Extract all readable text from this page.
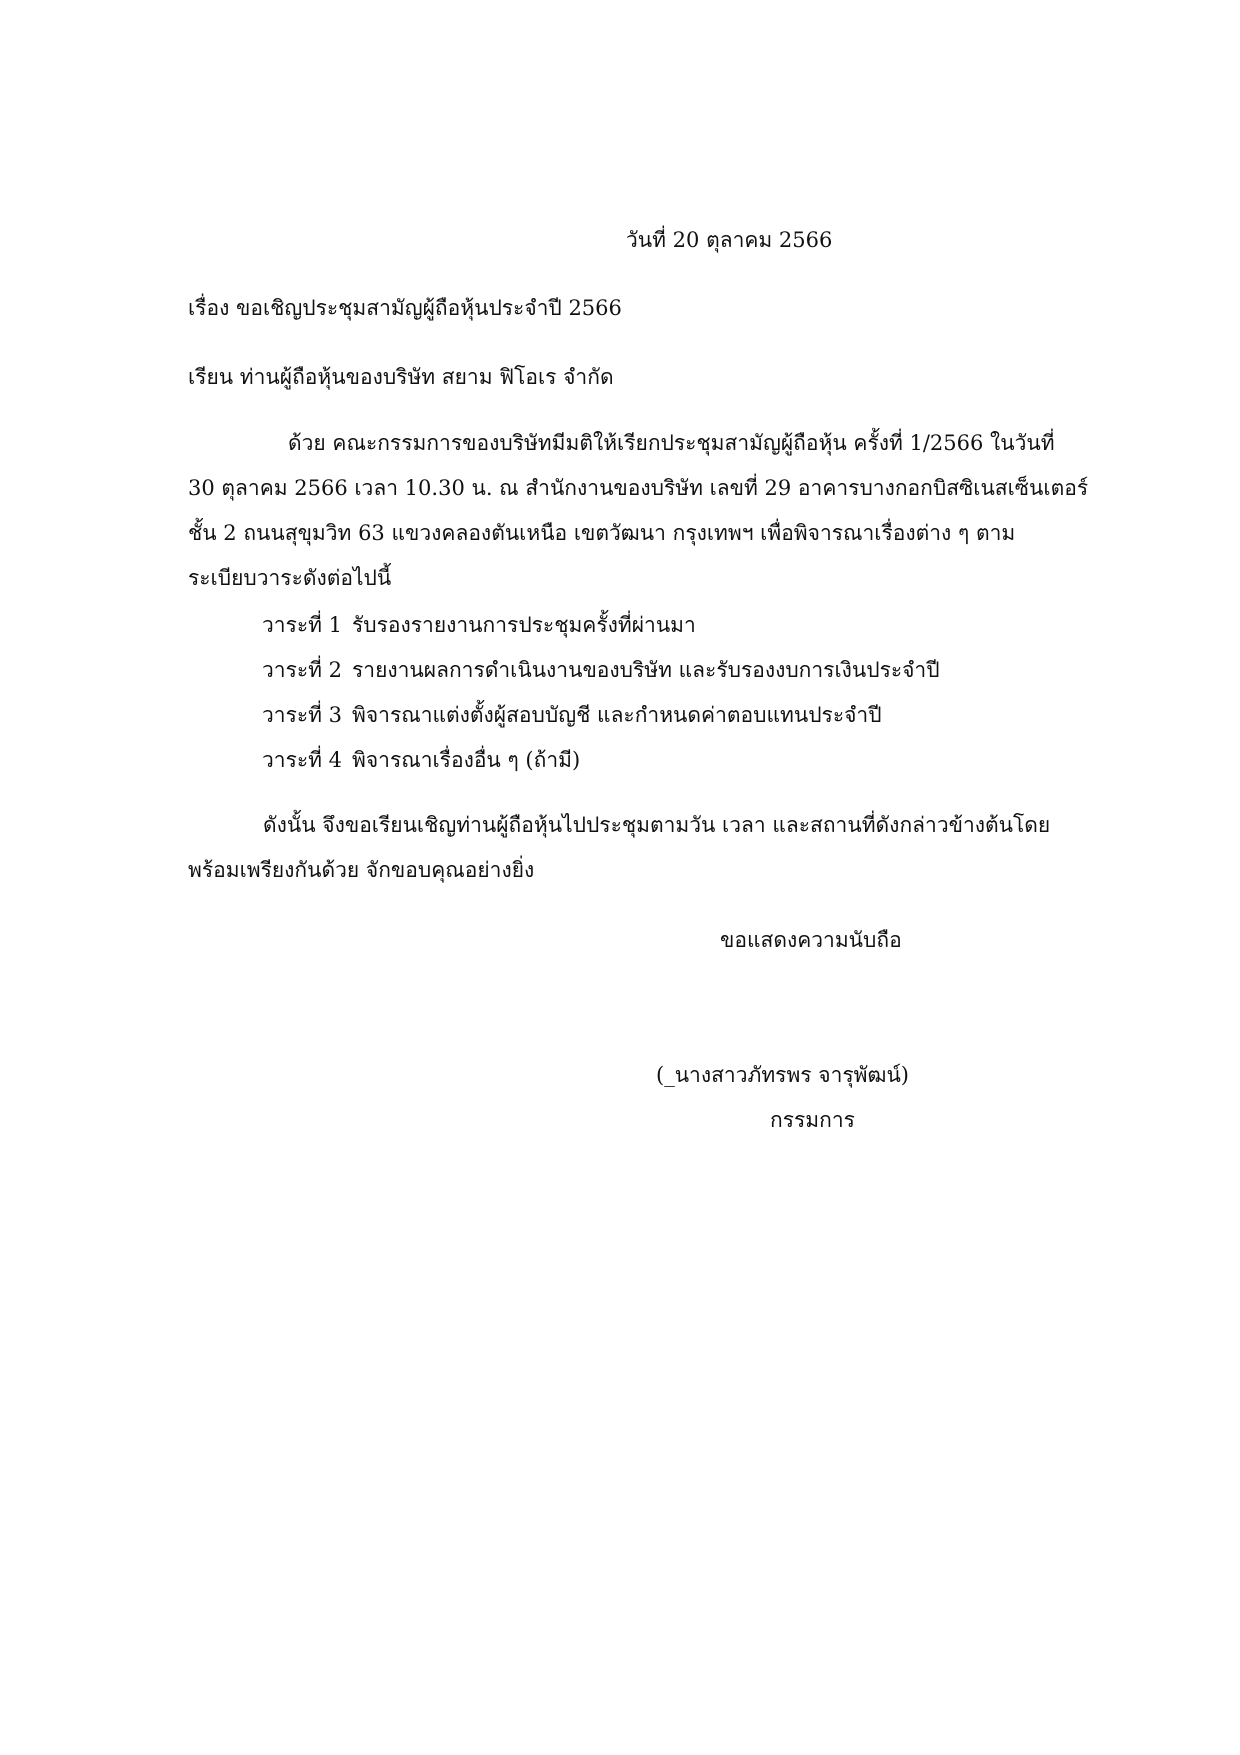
วันที่ 20 ตุลาคม 2566
เรื่อง ขอเชิญประชุมสามัญผู้ถือหุ้นประจำปี 2566
เรียน ท่านผู้ถือหุ้นของบริษัท สยาม ฟิโอเร จำกัด
ด้วย คณะกรรมการของบริษัทมีมติให้เรียกประชุมสามัญผู้ถือหุ้น ครั้งที่ 1/2566 ในวันที่
30 ตุลาคม 2566 เวลา 10.30 น. ณ สำนักงานของบริษัท เลขที่ 29 อาคารบางกอกบิสซิเนสเซ็นเตอร์
ชั้น 2 ถนนสุขุมวิท 63 แขวงคลองตันเหนือ เขตวัฒนา กรุงเทพฯ เพื่อพิจารณาเรื่องต่าง ๆ ตาม
ระเบียบวาระดังต่อไปนี้
วาระที่ 1 รับรองรายงานการประชุมครั้งที่ผ่านมา
วาระที่ 2 รายงานผลการดำเนินงานของบริษัท และรับรองงบการเงินประจำปี
วาระที่ 3 พิจารณาแต่งตั้งผู้สอบบัญชี และกำหนดค่าตอบแทนประจำปี
วาระที่ 4 พิจารณาเรื่องอื่น ๆ (ถ้ามี)
ดังนั้น จึงขอเรียนเชิญท่านผู้ถือหุ้นไปประชุมตามวัน เวลา และสถานที่ดังกล่าวข้างต้นโดย
พร้อมเพรียงกันด้วย จักขอบคุณอย่างยิ่ง
ขอแสดงความนับถือ
(_นางสาวภัทรพร จารุพัฒน์)
กรรมการ
